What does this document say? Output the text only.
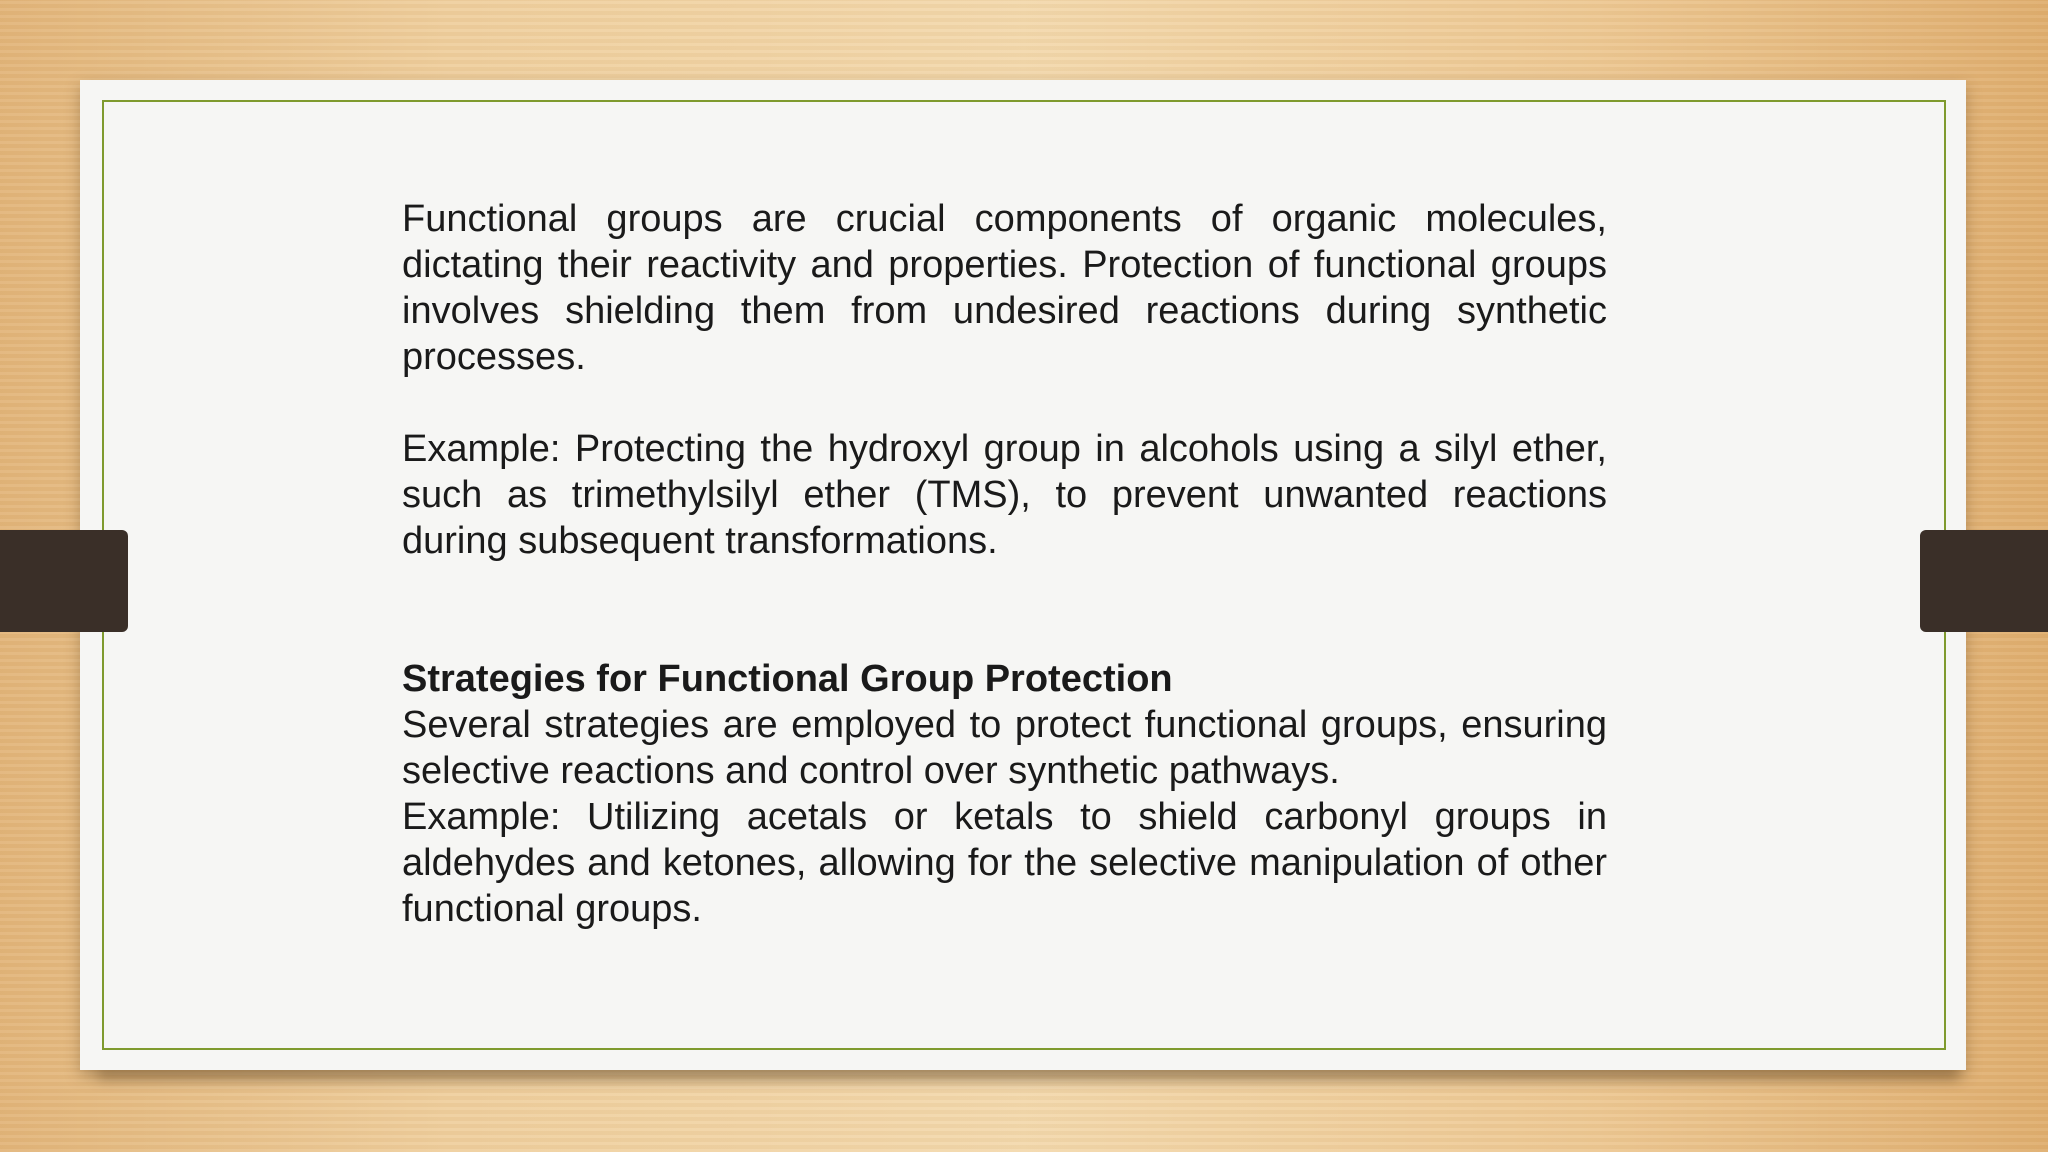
Functional groups are crucial components of organic molecules, dictating their reactivity and properties. Protection of functional groups involves shielding them from undesired reactions during synthetic processes.

Example: Protecting the hydroxyl group in alcohols using a silyl ether, such as trimethylsilyl ether (TMS), to prevent unwanted reactions during subsequent transformations.

Strategies for Functional Group Protection

Several strategies are employed to protect functional groups, ensuring selective reactions and control over synthetic pathways.

Example: Utilizing acetals or ketals to shield carbonyl groups in aldehydes and ketones, allowing for the selective manipulation of other functional groups.
